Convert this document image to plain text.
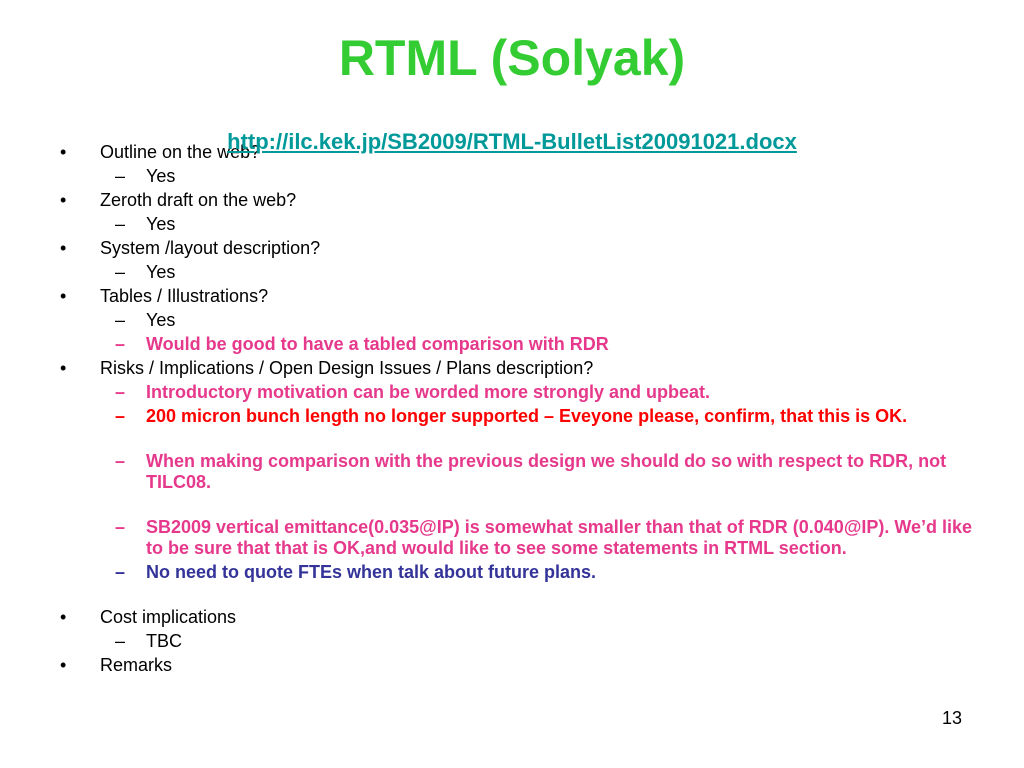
RTML (Solyak)
http://ilc.kek.jp/SB2009/RTML-BulletList20091021.docx
•	Outline on the web?
–	Yes
•	Zeroth draft on the web?
–	Yes
•	System /layout description?
–	Yes
•	Tables / Illustrations?
–	Yes
–	Would be good to have a tabled comparison with RDR
•	Risks / Implications / Open Design Issues / Plans description?
–	Introductory motivation can be worded more strongly and upbeat.
–	200 micron bunch length no longer supported – Eveyone please, confirm, that this is OK.
–	When making comparison with the previous design we should do so with respect to RDR, not TILC08.
–	SB2009 vertical emittance(0.035@IP) is somewhat smaller than that of RDR (0.040@IP). We’d like to be sure that that is OK,and would like to see some statements in RTML section.
–	No need to quote FTEs when talk about future plans.
•	Cost implications
–	TBC
•	Remarks
13
